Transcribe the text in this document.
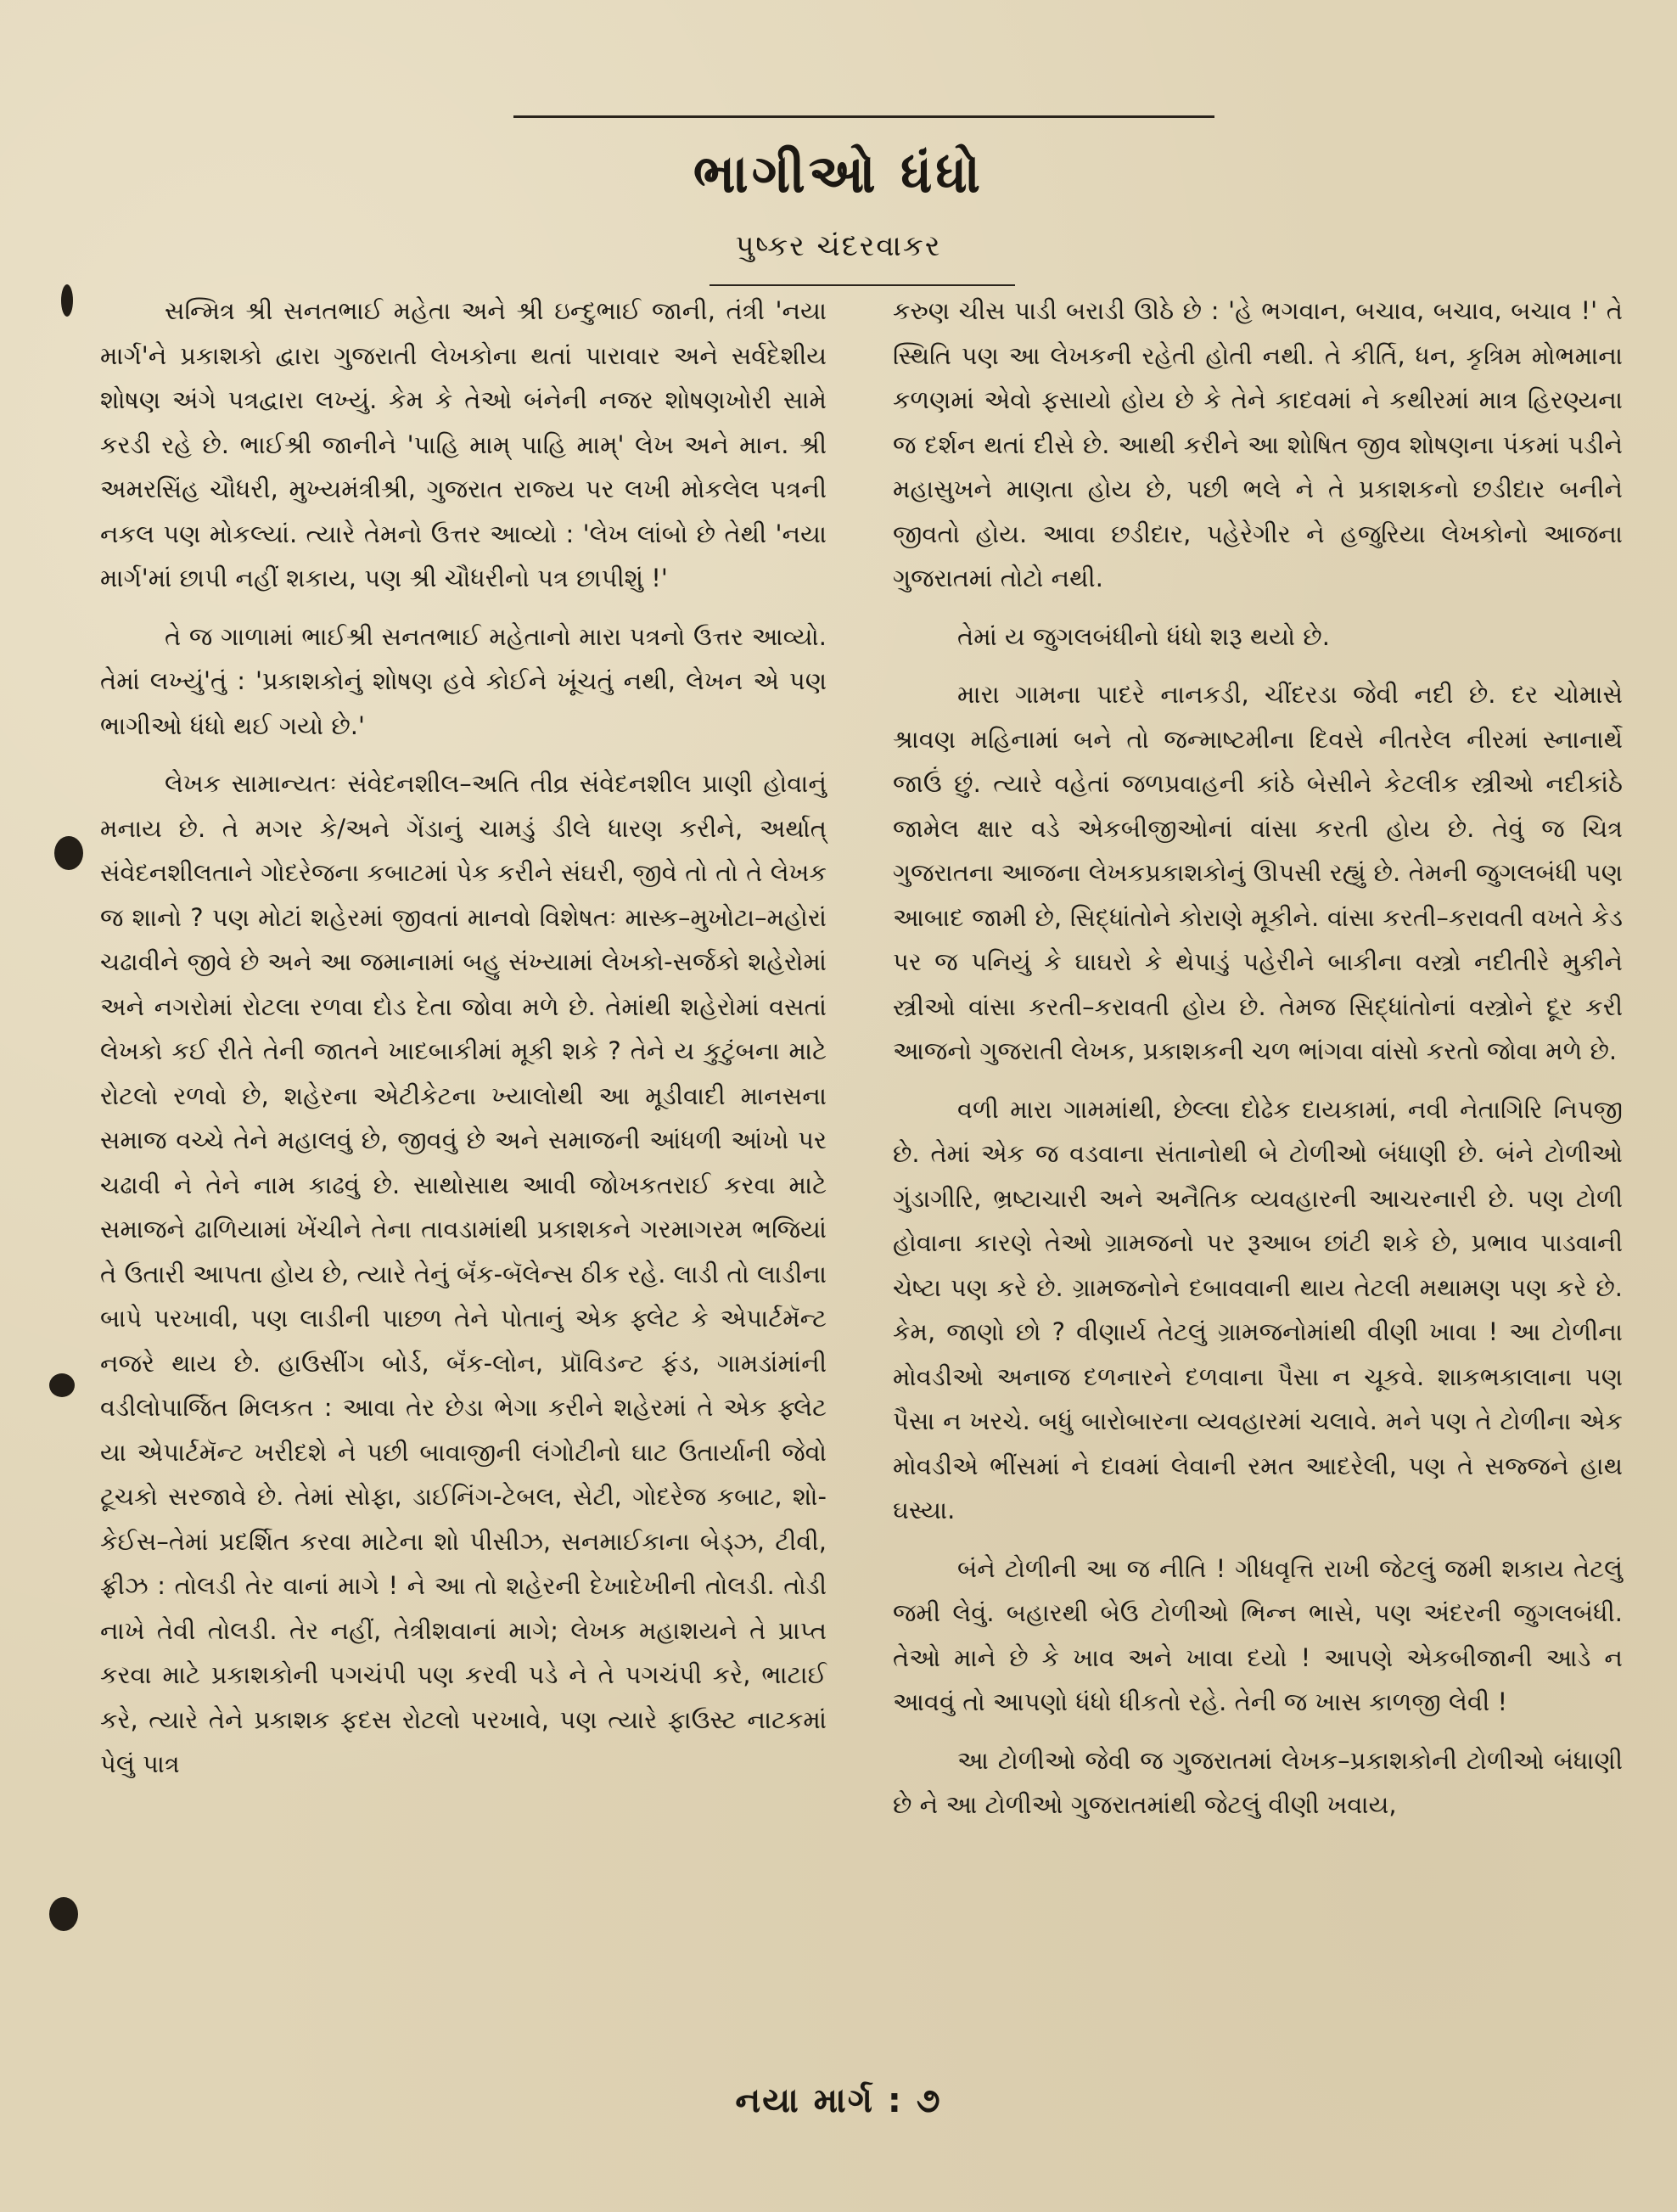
ભાગીઓ ધંધો
પુષ્કર ચંદરવાકર

સન્મિત્ર શ્રી સનતભાઈ મહેતા અને શ્રી ઇન્દુભાઈ જાની, તંત્રી 'નયા માર્ગ'ને પ્રકાશકો દ્વારા ગુજરાતી લેખકોના થતાં પારાવાર અને સર્વદેશીય શોષણ અંગે પત્રદ્વારા લખ્યું. કેમ કે તેઓ બંનેની નજર શોષણખોરી સામે કરડી રહે છે. ભાઈશ્રી જાનીને 'પાહિ મામ્ પાહિ મામ્' લેખ અને માન. શ્રી અમરસિંહ ચૌધરી, મુખ્યમંત્રીશ્રી, ગુજરાત રાજ્ય પર લખી મોકલેલ પત્રની નકલ પણ મોકલ્યાં. ત્યારે તેમનો ઉત્તર આવ્યો : 'લેખ લાંબો છે તેથી 'નયા માર્ગ'માં છાપી નહીં શકાય, પણ શ્રી ચૌધરીનો પત્ર છાપીશું !'

તે જ ગાળામાં ભાઈશ્રી સનતભાઈ મહેતાનો મારા પત્રનો ઉત્તર આવ્યો. તેમાં લખ્યું'તું : 'પ્રકાશકોનું શોષણ હવે કોઈને ખૂંચતું નથી, લેખન એ પણ ભાગીઓ ધંધો થઈ ગયો છે.'

લેખક સામાન્યતઃ સંવેદનશીલ–અતિ તીવ્ર સંવેદનશીલ પ્રાણી હોવાનું મનાય છે. તે મગર કે/અને ગેંડાનું ચામડું ડીલે ધારણ કરીને, અર્થાત્ સંવેદનશીલતાને ગોદરેજના કબાટમાં પેક કરીને સંઘરી, જીવે તો તો તે લેખક જ શાનો ? પણ મોટાં શહેરમાં જીવતાં માનવો વિશેષતઃ માસ્ક–મુખોટા–મહોરાં ચઢાવીને જીવે છે અને આ જમાનામાં બહુ સંખ્યામાં લેખકો-સર્જકો શહેરોમાં અને નગરોમાં રોટલા રળવા દોડ દેતા જોવા મળે છે. તેમાંથી શહેરોમાં વસતાં લેખકો કઈ રીતે તેની જાતને ખાદબાકીમાં મૂકી શકે ? તેને ય કુટુંબના માટે રોટલો રળવો છે, શહેરના એટીકેટના ખ્યાલોથી આ મૂડીવાદી માનસના સમાજ વચ્ચે તેને મહાલવું છે, જીવવું છે અને સમાજની આંધળી આંખો પર ચઢાવી ને તેને નામ કાઢવું છે. સાથોસાથ આવી જોખકતરાઈ કરવા માટે સમાજને ઢાળિયામાં ખેંચીને તેના તાવડામાંથી પ્રકાશકને ગરમાગરમ ભજિયાં તે ઉતારી આપતા હોય છે, ત્યારે તેનું બૅંક-બૅલેન્સ ઠીક રહે. લાડી તો લાડીના બાપે પરખાવી, પણ લાડીની પાછળ તેને પોતાનું એક ફ્લેટ કે એપાર્ટમૅન્ટ નજરે થાય છે. હાઉસીંગ બોર્ડ, બૅંક-લોન, પ્રૉવિડન્ટ ફંડ, ગામડાંમાંની વડીલોપાર્જિત મિલકત : આવા તેર છેડા ભેગા કરીને શહેરમાં તે એક ફ્લેટ યા એપાર્ટમૅન્ટ ખરીદશે ને પછી બાવાજીની લંગોટીનો ઘાટ ઉતાર્યાની જેવો ટૂચકો સરજાવે છે. તેમાં સોફા, ડાઈનિંગ-ટેબલ, સેટી, ગોદરેજ કબાટ, શો-કેઈસ–તેમાં પ્રદર્શિત કરવા માટેના શો પીસીઝ, સનમાઈકાના બેડ્ઝ, ટીવી, ફ્રીઝ : તોલડી તેર વાનાં માગે ! ને આ તો શહેરની દેખાદેખીની તોલડી. તોડી નાખે તેવી તોલડી. તેર નહીં, તેત્રીશવાનાં માગે; લેખક મહાશયને તે પ્રાપ્ત કરવા માટે પ્રકાશકોની પગચંપી પણ કરવી પડે ને તે પગચંપી કરે, ભાટાઈ કરે, ત્યારે તેને પ્રકાશક ફદસ રોટલો પરખાવે, પણ ત્યારે ફાઉસ્ટ નાટકમાં પેલું પાત્ર

કરુણ ચીસ પાડી બરાડી ઊઠે છે : 'હે ભગવાન, બચાવ, બચાવ, બચાવ !' તે સ્થિતિ પણ આ લેખકની રહેતી હોતી નથી. તે કીર્તિ, ધન, કૃત્રિમ મોભમાના કળણમાં એવો ફસાયો હોય છે કે તેને કાદવમાં ને કથીરમાં માત્ર હિરણ્યના જ દર્શન થતાં દીસે છે. આથી કરીને આ શોષિત જીવ શોષણના પંકમાં પડીને મહાસુખને માણતા હોય છે, પછી ભલે ને તે પ્રકાશકનો છડીદાર બનીને જીવતો હોય. આવા છડીદાર, પહેરેગીર ને હજુરિયા લેખકોનો આજના ગુજરાતમાં તોટો નથી.

તેમાં ય જુગલબંધીનો ધંધો શરૂ થયો છે.

મારા ગામના પાદરે નાનકડી, ચીંદરડા જેવી નદી છે. દર ચોમાસે શ્રાવણ મહિનામાં બને તો જન્માષ્ટમીના દિવસે નીતરેલ નીરમાં સ્નાનાર્થે જાઉં છું. ત્યારે વહેતાં જળપ્રવાહની કાંઠે બેસીને કેટલીક સ્ત્રીઓ નદીકાંઠે જામેલ ક્ષાર વડે એકબીજીઓનાં વાંસા કરતી હોય છે. તેવું જ ચિત્ર ગુજરાતના આજના લેખકપ્રકાશકોનું ઊપસી રહ્યું છે. તેમની જુગલબંધી પણ આબાદ જામી છે, સિદ્ધાંતોને કોરાણે મૂકીને. વાંસા કરતી–કરાવતી વખતે કેડ પર જ પનિયું કે ઘાઘરો કે થેપાડું પહેરીને બાકીના વસ્ત્રો નદીતીરે મુકીને સ્ત્રીઓ વાંસા કરતી–કરાવતી હોય છે. તેમજ સિદ્ધાંતોનાં વસ્ત્રોને દૂર કરી આજનો ગુજરાતી લેખક, પ્રકાશકની ચળ ભાંગવા વાંસો કરતો જોવા મળે છે.

વળી મારા ગામમાંથી, છેલ્લા દોઢેક દાયકામાં, નવી નેતાગિરિ નિપજી છે. તેમાં એક જ વડવાના સંતાનોથી બે ટોળીઓ બંધાણી છે. બંને ટોળીઓ ગુંડાગીરિ, ભ્રષ્ટાચારી અને અનૈતિક વ્યવહારની આચરનારી છે. પણ ટોળી હોવાના કારણે તેઓ ગ્રામજનો પર રૂઆબ છાંટી શકે છે, પ્રભાવ પાડવાની ચેષ્ટા પણ કરે છે. ગ્રામજનોને દબાવવાની થાય તેટલી મથામણ પણ કરે છે. કેમ, જાણો છો ? વીણાર્ય તેટલું ગ્રામજનોમાંથી વીણી ખાવા ! આ ટોળીના મોવડીઓ અનાજ દળનારને દળવાના પૈસા ન ચૂકવે. શાકભકાલાના પણ પૈસા ન ખરચે. બધું બારોબારના વ્યવહારમાં ચલાવે. મને પણ તે ટોળીના એક મોવડીએ ભીંસમાં ને દાવમાં લેવાની રમત આદરેલી, પણ તે સજ્જને હાથ ઘસ્યા.

બંને ટોળીની આ જ નીતિ ! ગીધવૃત્તિ રાખી જેટલું જમી શકાય તેટલું જમી લેવું. બહારથી બેઉ ટોળીઓ ભિન્ન ભાસે, પણ અંદરની જુગલબંધી. તેઓ માને છે કે ખાવ અને ખાવા દયો ! આપણે એકબીજાની આડે ન આવવું તો આપણો ધંધો ધીકતો રહે. તેની જ ખાસ કાળજી લેવી !

આ ટોળીઓ જેવી જ ગુજરાતમાં લેખક–પ્રકાશકોની ટોળીઓ બંધાણી છે ને આ ટોળીઓ ગુજરાતમાંથી જેટલું વીણી ખવાય,

નયા માર્ગ : ૭
